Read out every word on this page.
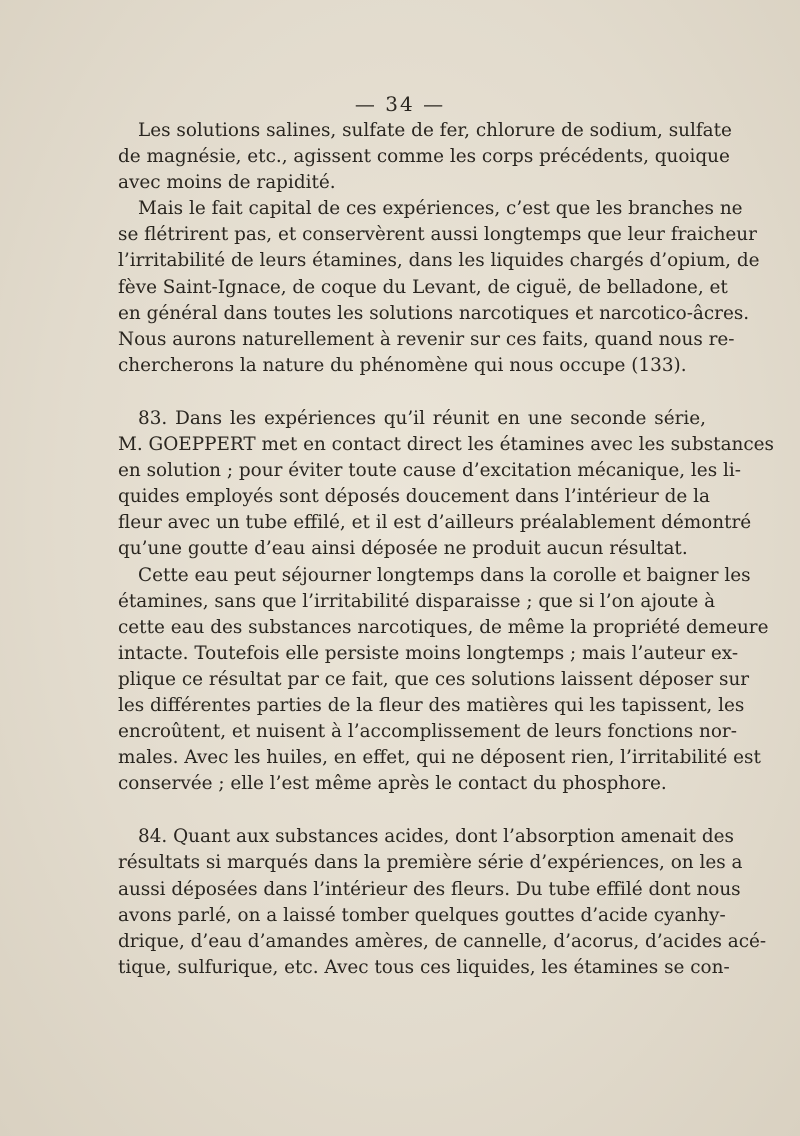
— 34 —
Les solutions salines, sulfate de fer, chlorure de sodium, sulfate
de magnésie, etc., agissent comme les corps précédents, quoique
avec moins de rapidité.
Mais le fait capital de ces expériences, c’est que les branches ne
se flétrirent pas, et conservèrent aussi longtemps que leur fraicheur
l’irritabilité de leurs étamines, dans les liquides chargés d’opium, de
fève Saint-Ignace, de coque du Levant, de ciguë, de belladone, et
en général dans toutes les solutions narcotiques et narcotico-âcres.
Nous aurons naturellement à revenir sur ces faits, quand nous re-
chercherons la nature du phénomène qui nous occupe (133).
83. Dans les expériences qu’il réunit en une seconde série,
M. GOEPPERT met en contact direct les étamines avec les substances
en solution ; pour éviter toute cause d’excitation mécanique, les li-
quides employés sont déposés doucement dans l’intérieur de la
fleur avec un tube effilé, et il est d’ailleurs préalablement démontré
qu’une goutte d’eau ainsi déposée ne produit aucun résultat.
Cette eau peut séjourner longtemps dans la corolle et baigner les
étamines, sans que l’irritabilité disparaisse ; que si l’on ajoute à
cette eau des substances narcotiques, de même la propriété demeure
intacte. Toutefois elle persiste moins longtemps ; mais l’auteur ex-
plique ce résultat par ce fait, que ces solutions laissent déposer sur
les différentes parties de la fleur des matières qui les tapissent, les
encroûtent, et nuisent à l’accomplissement de leurs fonctions nor-
males. Avec les huiles, en effet, qui ne déposent rien, l’irritabilité est
conservée ; elle l’est même après le contact du phosphore.
84. Quant aux substances acides, dont l’absorption amenait des
résultats si marqués dans la première série d’expériences, on les a
aussi déposées dans l’intérieur des fleurs. Du tube effilé dont nous
avons parlé, on a laissé tomber quelques gouttes d’acide cyanhy-
drique, d’eau d’amandes amères, de cannelle, d’acorus, d’acides acé-
tique, sulfurique, etc. Avec tous ces liquides, les étamines se con-
